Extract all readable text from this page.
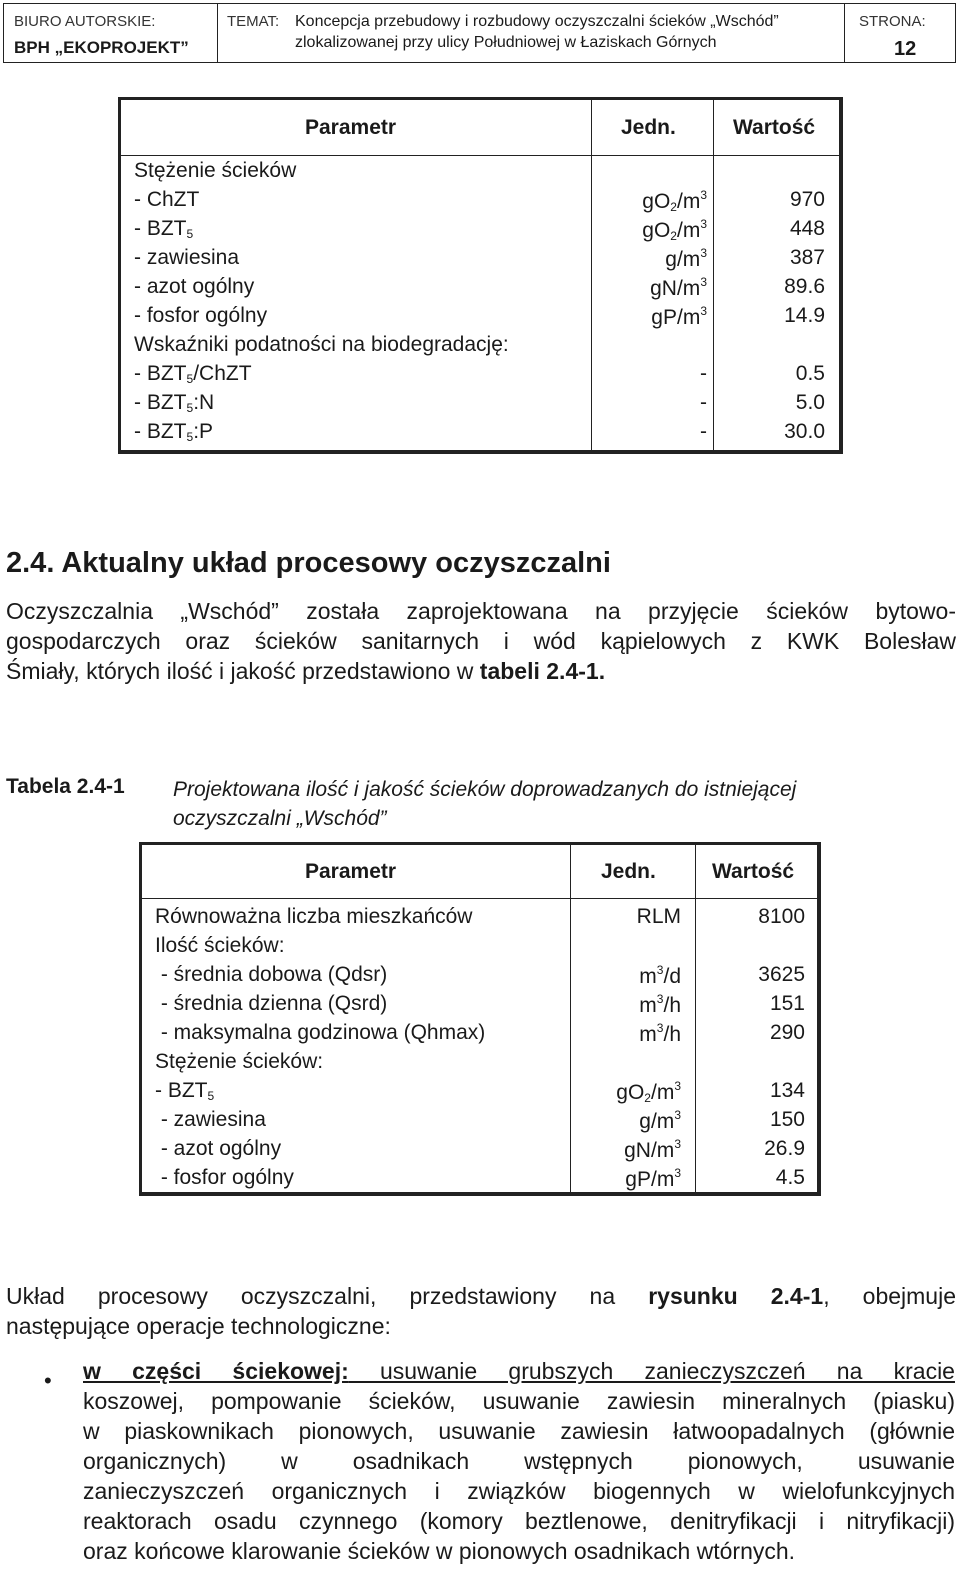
BIURO AUTORSKIE:
BPH „EKOPROJEKT”
TEMAT: Koncepcja przebudowy i rozbudowy oczyszczalni ścieków „Wschód”
zlokalizowanej przy ulicy Południowej w Łaziskach Górnych
STRONA:
12
Parametr	Jedn.	Wartość
Stężenie ścieków
- ChZT	$gO_2/m^3$	970
- $BZT_5$	$gO_2/m^3$	448
- zawiesina	$g/m^3$	387
- azot ogólny	$gN/m^3$	89.6
- fosfor ogólny	$gP/m^3$	14.9
Wskaźniki podatności na biodegradację:
- $BZT_5$/ChZT	-	0.5
- $BZT_5:N$	-	5.0
- $BZT_5:P$	-	30.0
2.4. Aktualny układ procesowy oczyszczalni
Oczyszczalnia „Wschód” została zaprojektowana na przyjęcie ścieków bytowo-
gospodarczych oraz ścieków sanitarnych i wód kąpielowych z KWK Bolesław
Śmiały, których ilość i jakość przedstawiono w tabeli 2.4-1.
Tabela 2.4-1 Projektowana ilość i jakość ścieków doprowadzanych do istniejącej
oczyszczalni „Wschód”
Parametr	Jedn.	Wartość
Równoważna liczba mieszkańców	RLM	8100
Ilość ścieków:
- średnia dobowa (Qdsr)	$m^3/d$	3625
- średnia dzienna (Qsrd)	$m^3/h$	151
- maksymalna godzinowa (Qhmax)	$m^3/h$	290
Stężenie ścieków:
- $BZT_5$	$gO_2/m^3$	134
- zawiesina	$g/m^3$	150
- azot ogólny	$gN/m^3$	26.9
- fosfor ogólny	$gP/m^3$	4.5
Układ procesowy oczyszczalni, przedstawiony na rysunku 2.4-1, obejmuje
następujące operacje technologiczne:
• w części ściekowej: usuwanie grubszych zanieczyszczeń na kracie
koszowej, pompowanie ścieków, usuwanie zawiesin mineralnych (piasku)
w piaskownikach pionowych, usuwanie zawiesin łatwoopadalnych (głównie
organicznych) w osadnikach wstępnych pionowych, usuwanie
zanieczyszczeń organicznych i związków biogennych w wielofunkcyjnych
reaktorach osadu czynnego (komory beztlenowe, denitryfikacji i nitryfikacji)
oraz końcowe klarowanie ścieków w pionowych osadnikach wtórnych.
